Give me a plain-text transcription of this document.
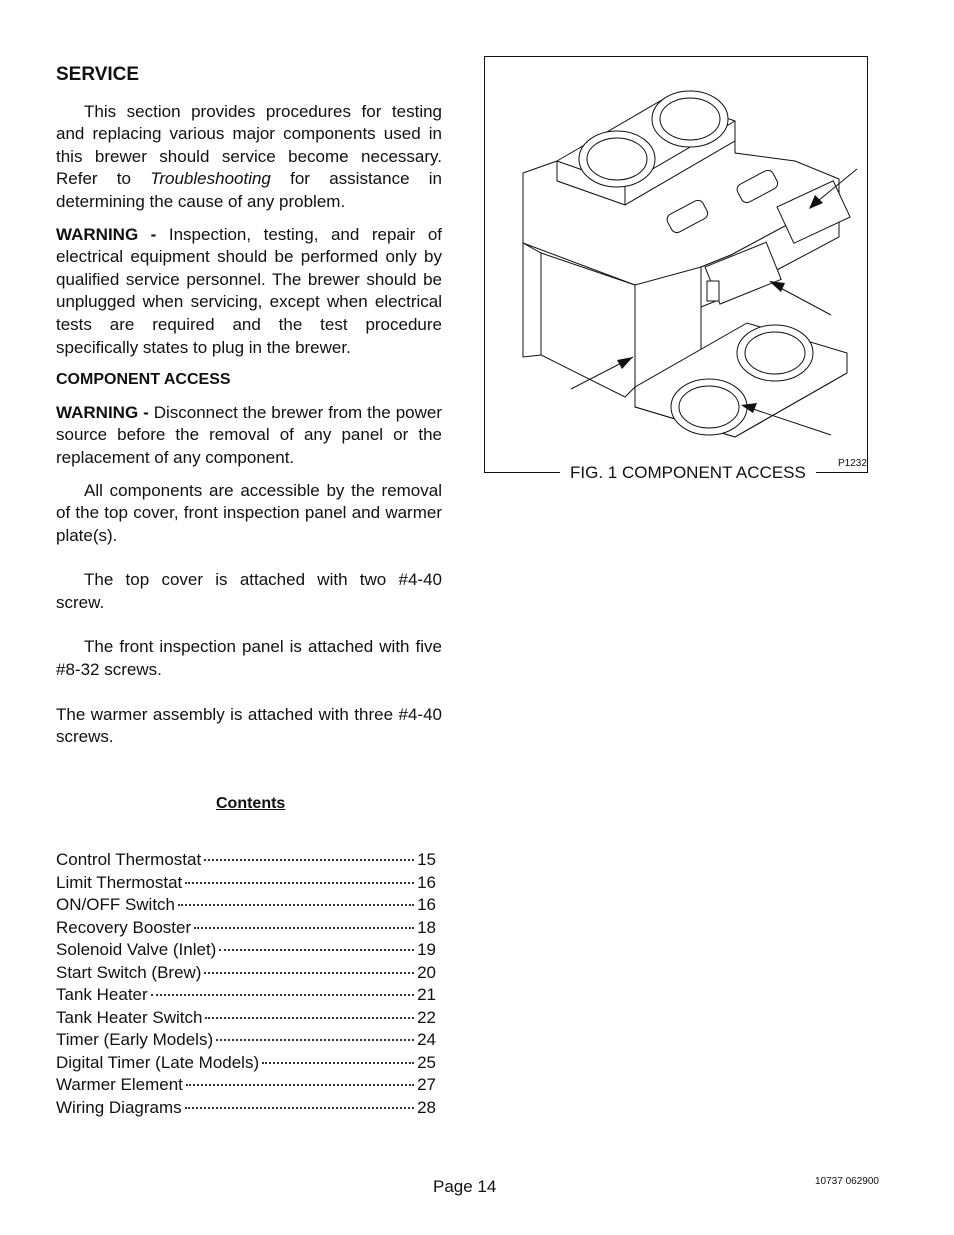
SERVICE

This section provides procedures for testing and replacing various major components used in this brewer should service become necessary. Refer to Troubleshooting for assistance in determining the cause of any problem.

WARNING - Inspection, testing, and repair of electrical equipment should be performed only by qualified service personnel. The brewer should be unplugged when servicing, except when electrical tests are required and the test procedure specifically states to plug in the brewer.

COMPONENT ACCESS

WARNING - Disconnect the brewer from the power source before the removal of any panel or the replacement of any component.

All components are accessible by the removal of the top cover, front inspection panel and warmer plate(s).

The top cover is attached with two #4-40 screw.

The front inspection panel is attached with five #8-32 screws.

The warmer assembly is attached with three #4-40 screws.

Contents
Control Thermostat	15
Limit Thermostat	16
ON/OFF Switch	16
Recovery Booster	18
Solenoid Valve (Inlet)	19
Start Switch (Brew)	20
Tank Heater	21
Tank Heater Switch	22
Timer (Early Models)	24
Digital Timer (Late Models)	25
Warmer Element	27
Wiring Diagrams	28
P1232
FIG. 1 COMPONENT ACCESS
Page 14	10737 062900
